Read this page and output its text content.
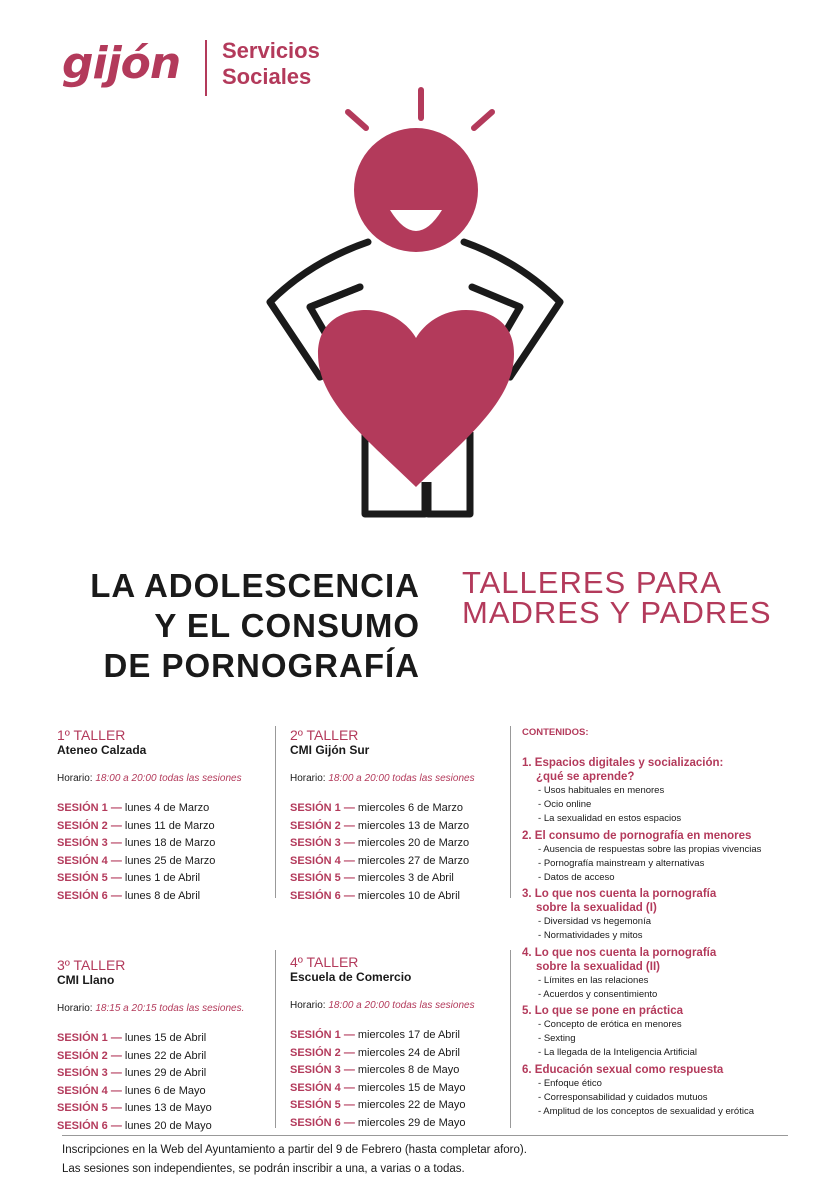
gijón Servicios
Sociales
LA ADOLESCENCIA
Y EL CONSUMO
DE PORNOGRAFÍA
TALLERES PARA
MADRES Y PADRES
1º TALLER
Ateneo Calzada
Horario: 18:00 a 20:00 todas las sesiones
SESIÓN 1 — lunes 4 de Marzo
SESIÓN 2 — lunes 11 de Marzo
SESIÓN 3 — lunes 18 de Marzo
SESIÓN 4 — lunes 25 de Marzo
SESIÓN 5 — lunes 1 de Abril
SESIÓN 6 — lunes 8 de Abril
2º TALLER
CMI Gijón Sur
Horario: 18:00 a 20:00 todas las sesiones
SESIÓN 1 — miercoles 6 de Marzo
SESIÓN 2 — miercoles 13 de Marzo
SESIÓN 3 — miercoles 20 de Marzo
SESIÓN 4 — miercoles 27 de Marzo
SESIÓN 5 — miercoles 3 de Abril
SESIÓN 6 — miercoles 10 de Abril
3º TALLER
CMI Llano
Horario: 18:15 a 20:15 todas las sesiones.
SESIÓN 1 — lunes 15 de Abril
SESIÓN 2 — lunes 22 de Abril
SESIÓN 3 — lunes 29 de Abril
SESIÓN 4 — lunes 6 de Mayo
SESIÓN 5 — lunes 13 de Mayo
SESIÓN 6 — lunes 20 de Mayo
4º TALLER
Escuela de Comercio
Horario: 18:00 a 20:00 todas las sesiones
SESIÓN 1 — miercoles 17 de Abril
SESIÓN 2 — miercoles 24 de Abril
SESIÓN 3 — miercoles 8 de Mayo
SESIÓN 4 — miercoles 15 de Mayo
SESIÓN 5 — miercoles 22 de Mayo
SESIÓN 6 — miercoles 29 de Mayo
CONTENIDOS:
1. Espacios digitales y socialización:
¿qué se aprende?
- Usos habituales en menores
- Ocio online
- La sexualidad en estos espacios
2. El consumo de pornografía en menores
- Ausencia de respuestas sobre las propias vivencias
- Pornografía mainstream y alternativas
- Datos de acceso
3. Lo que nos cuenta la pornografía
sobre la sexualidad (I)
- Diversidad vs hegemonía
- Normatividades y mitos
4. Lo que nos cuenta la pornografía
sobre la sexualidad (II)
- Límites en las relaciones
- Acuerdos y consentimiento
5. Lo que se pone en práctica
- Concepto de erótica en menores
- Sexting
- La llegada de la Inteligencia Artificial
6. Educación sexual como respuesta
- Enfoque ético
- Corresponsabilidad y cuidados mutuos
- Amplitud de los conceptos de sexualidad y erótica
Inscripciones en la Web del Ayuntamiento a partir del 9 de Febrero (hasta completar aforo).
Las sesiones son independientes, se podrán inscribir a una, a varias o a todas.
